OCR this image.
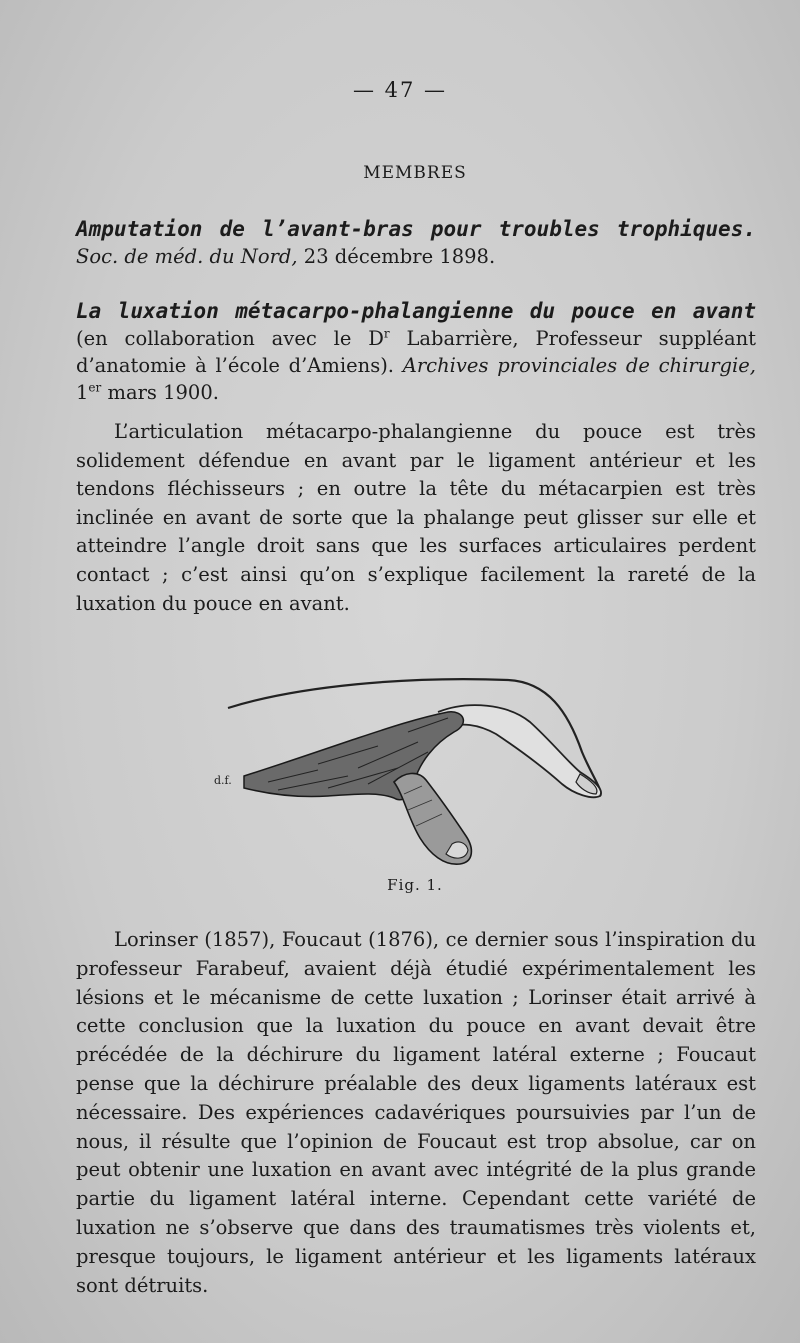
— 47 —
MEMBRES
Amputation de l’avant-bras pour troubles trophiques. Soc. de méd. du Nord, 23 décembre 1898.
La luxation métacarpo-phalangienne du pouce en avant (en collaboration avec le $D^r$ Labarrière, Professeur suppléant d’anatomie à l’école d’Amiens). Archives provinciales de chirurgie, 1er mars 1900.
L’articulation métacarpo-phalangienne du pouce est très solidement défendue en avant par le ligament antérieur et les tendons fléchisseurs ; en outre la tête du métacarpien est très inclinée en avant de sorte que la phalange peut glisser sur elle et atteindre l’angle droit sans que les surfaces articulaires perdent contact ; c’est ainsi qu’on s’explique facilement la rareté de la luxation du pouce en avant.
d.f.
Fig. 1.
Lorinser (1857), Foucaut (1876), ce dernier sous l’inspiration du professeur Farabeuf, avaient déjà étudié expérimentalement les lésions et le mécanisme de cette luxation ; Lorinser était arrivé à cette conclusion que la luxation du pouce en avant devait être précédée de la déchirure du ligament latéral externe ; Foucaut pense que la déchirure préalable des deux ligaments latéraux est nécessaire. Des expériences cadavériques poursuivies par l’un de nous, il résulte que l’opinion de Foucaut est trop absolue, car on peut obtenir une luxation en avant avec intégrité de la plus grande partie du ligament latéral interne. Cependant cette variété de luxation ne s’observe que dans des traumatismes très violents et, presque toujours, le ligament antérieur et les ligaments latéraux sont détruits.
